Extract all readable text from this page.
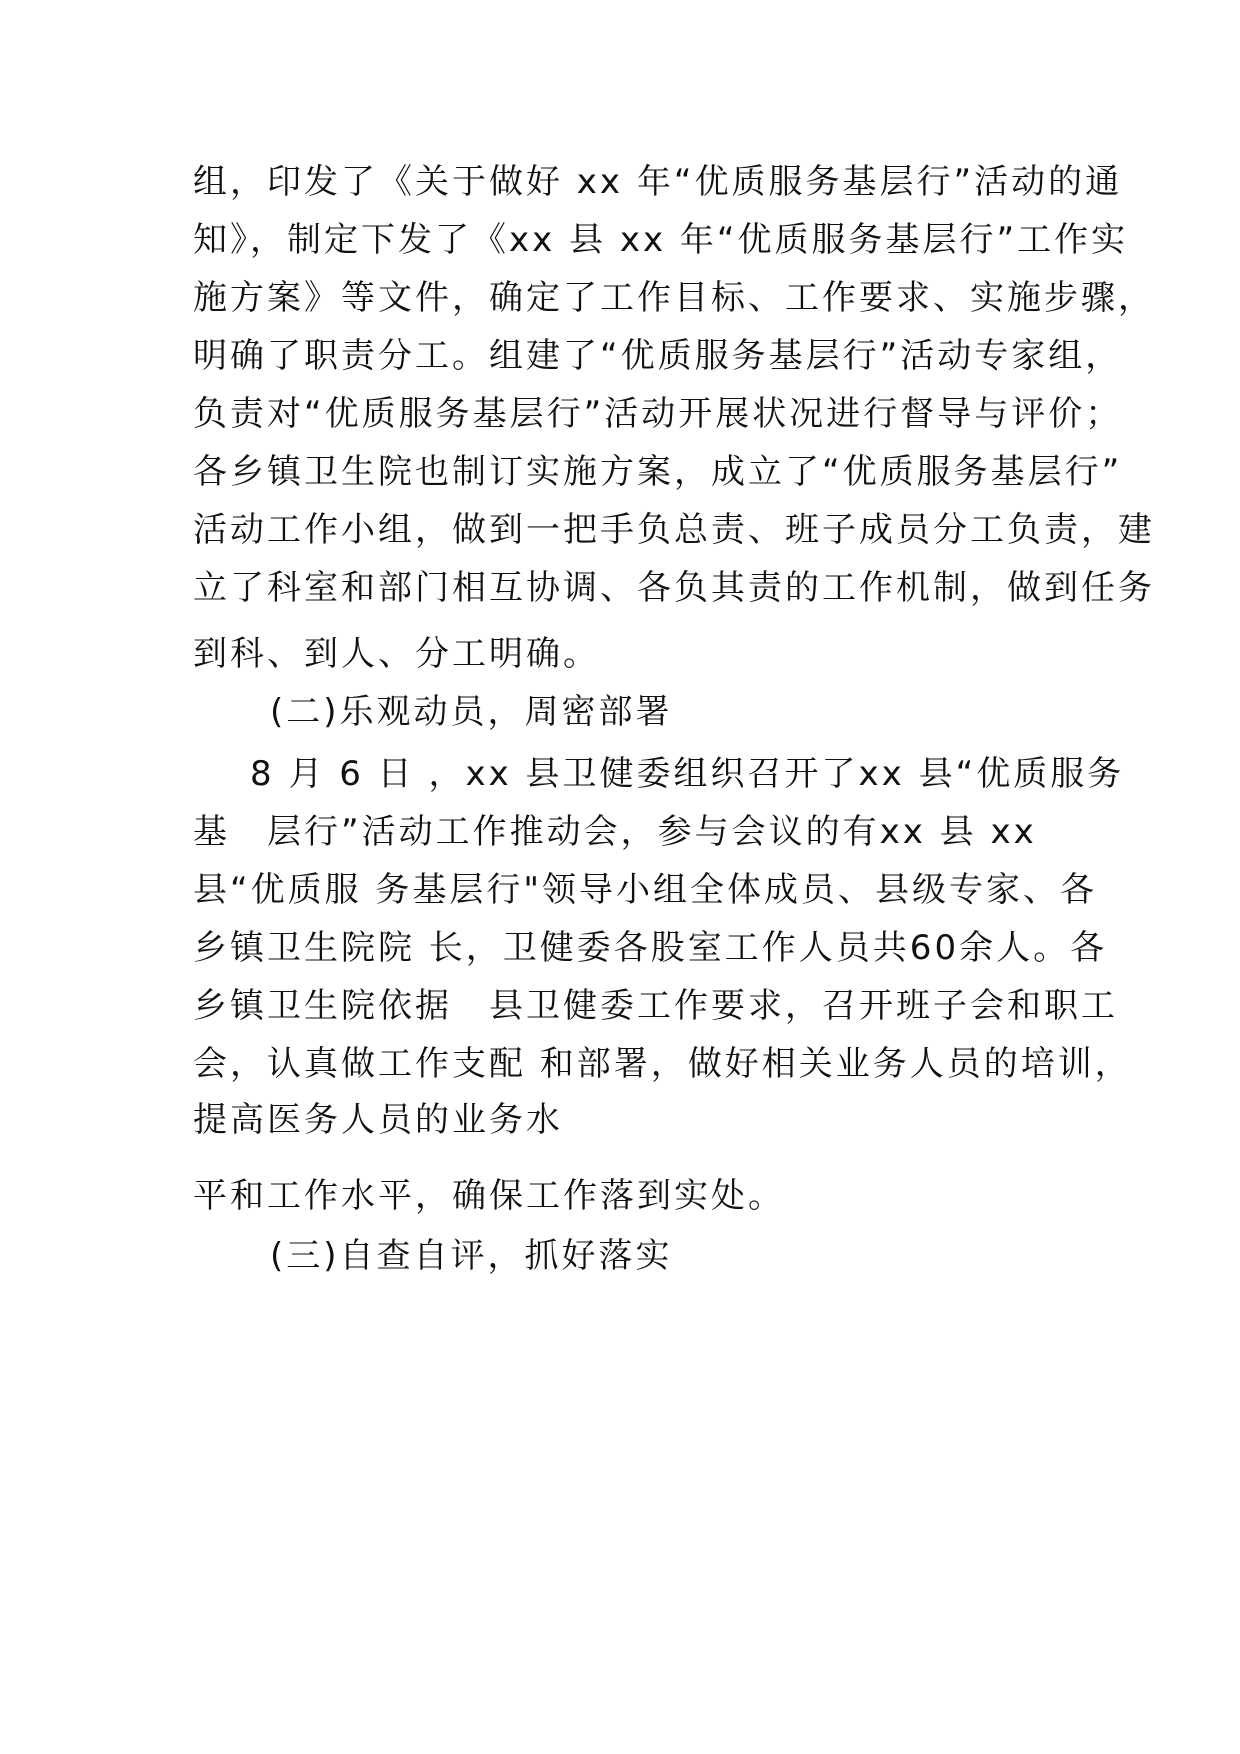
组，印发了《关于做好 xx 年“优质服务基层行”活动的通
知》，制定下发了《xx 县 xx 年“优质服务基层行”工作实
施方案》等文件，确定了工作目标、工作要求、实施步骤，
明确了职责分工。组建了“优质服务基层行”活动专家组，
负责对“优质服务基层行”活动开展状况进行督导与评价；
各乡镇卫生院也制订实施方案，成立了“优质服务基层行”
活动工作小组，做到一把手负总责、班子成员分工负责，建
立了科室和部门相互协调、各负其责的工作机制，做到任务
到科、到人、分工明确。
(二)乐观动员，周密部署
8 月 6 日 ，xx 县卫健委组织召开了xx 县“优质服务
基　层行”活动工作推动会，参与会议的有xx 县 xx
县“优质服 务基层行"领导小组全体成员、县级专家、各
乡镇卫生院院 长，卫健委各股室工作人员共60余人。各
乡镇卫生院依据　县卫健委工作要求，召开班子会和职工
会，认真做工作支配 和部署，做好相关业务人员的培训，
提高医务人员的业务水
平和工作水平，确保工作落到实处。
(三)自查自评，抓好落实
